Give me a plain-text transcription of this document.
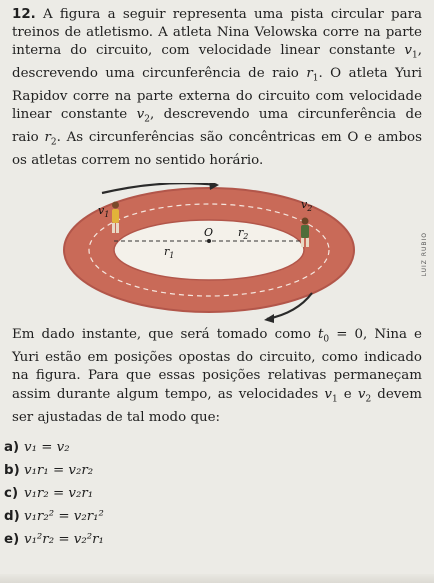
12. A figura a seguir representa uma pista circular para treinos de atletismo. A atleta Nina Velowska corre na parte interna do circuito, com velocidade linear constante $v_1$, descrevendo uma circunferência de raio $r_1$. O atleta Yuri Rapidov corre na parte externa do circuito com velocidade linear constante $v_2$, descrevendo uma circunferência de raio $r_2$. As circunferências são concêntricas em O e ambos os atletas correm no sentido horário.
$v_1$
$v_2$
O $r_2$
$r_1$	LUIZ RUBIO
Em dado instante, que será tomado como $t_0 = 0$, Nina e Yuri estão em posições opostas do circuito, como indicado na figura. Para que essas posições relativas permaneçam assim durante algum tempo, as velocidades $v_1$ e $v_2$ devem ser ajustadas de tal modo que:
a) v₁ = v₂
b) v₁r₁ = v₂r₂
c) v₁r₂ = v₂r₁
d) v₁r₂² = v₂r₁²
e) v₁²r₂ = v₂²r₁
